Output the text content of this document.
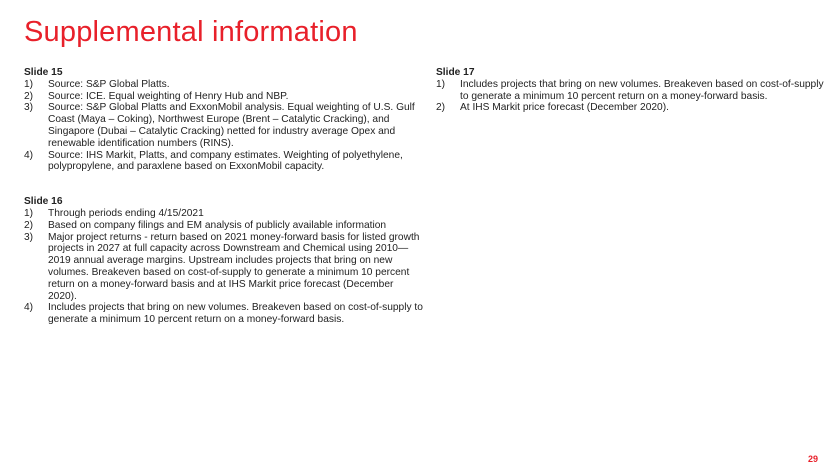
Supplemental information

Slide 15

1) Source: S&P Global Platts.
2) Source: ICE. Equal weighting of Henry Hub and NBP.
3) Source: S&P Global Platts and ExxonMobil analysis. Equal weighting of U.S. Gulf Coast (Maya – Coking), Northwest Europe (Brent – Catalytic Cracking), and Singapore (Dubai – Catalytic Cracking) netted for industry average Opex and renewable identification numbers (RINS).
4) Source: IHS Markit, Platts, and company estimates. Weighting of polyethylene, polypropylene, and paraxlene based on ExxonMobil capacity.

Slide 16

1) Through periods ending 4/15/2021
2) Based on company filings and EM analysis of publicly available information
3) Major project returns - return based on 2021 money-forward basis for listed growth projects in 2027 at full capacity across Downstream and Chemical using 2010—2019 annual average margins. Upstream includes projects that bring on new volumes. Breakeven based on cost-of-supply to generate a minimum 10 percent return on a money-forward basis and at IHS Markit price forecast (December 2020).
4) Includes projects that bring on new volumes. Breakeven based on cost-of-supply to generate a minimum 10 percent return on a money-forward basis.

Slide 17

1) Includes projects that bring on new volumes. Breakeven based on cost-of-supply to generate a minimum 10 percent return on a money-forward basis.
2) At IHS Markit price forecast (December 2020).
29
